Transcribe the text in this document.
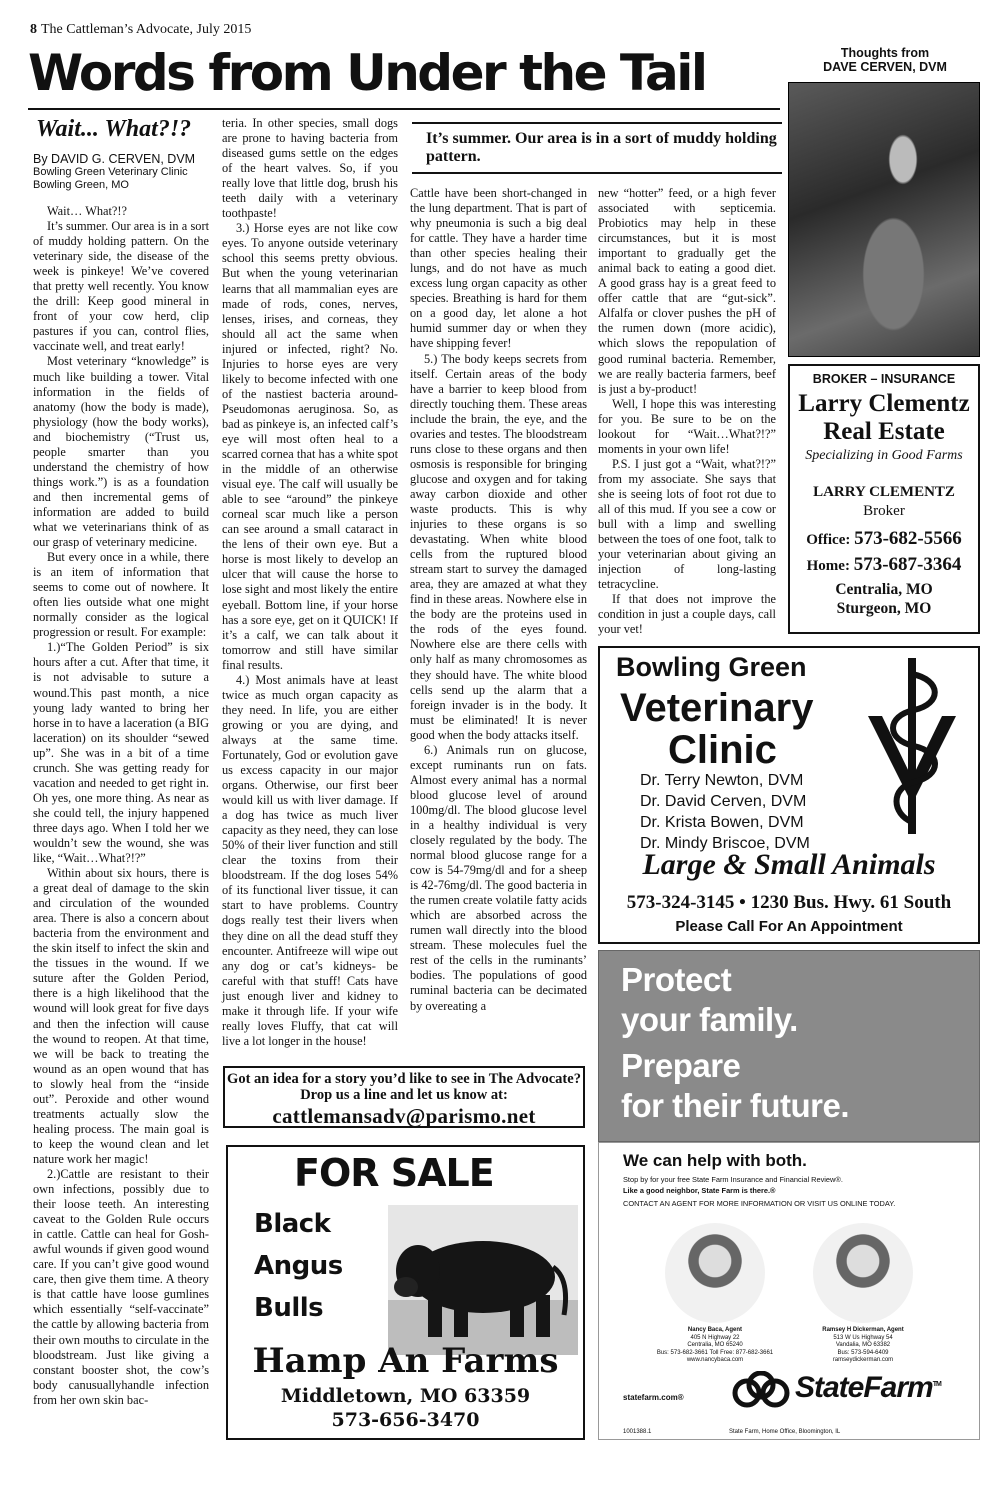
8 The Cattleman’s Advocate, July 2015
Words from Under the Tail	Thoughts from
DAVE CERVEN, DVM
Wait... What?!?
By DAVID G. CERVEN, DVM
Bowling Green Veterinary Clinic
Bowling Green, MO

Wait… What?!?

It’s summer. Our area is in a sort of muddy holding pattern. On the veterinary side, the disease of the week is pinkeye! We’ve covered that pretty well recently. You know the drill: Keep good mineral in front of your cow herd, clip pastures if you can, control flies, vaccinate well, and treat early!

Most veterinary “knowledge” is much like building a tower. Vital information in the fields of anatomy (how the body is made), physiology (how the body works), and biochemistry (“Trust us, people smarter than you understand the chemistry of how things work.”) is as a foundation and then incremental gems of information are added to build what we veterinarians think of as our grasp of veterinary medicine.

But every once in a while, there is an item of information that seems to come out of nowhere. It often lies outside what one might normally consider as the logical progression or result. For example:

1.)“The Golden Period” is six hours after a cut. After that time, it is not advisable to suture a wound.This past month, a nice young lady wanted to bring her horse in to have a laceration (a BIG laceration) on its shoulder “sewed up”. She was in a bit of a time crunch. She was getting ready for vacation and needed to get right in. Oh yes, one more thing. As near as she could tell, the injury happened three days ago. When I told her we wouldn’t sew the wound, she was like, “Wait…What?!?”

Within about six hours, there is a great deal of damage to the skin and circulation of the wounded area. There is also a concern about bacteria from the environment and the skin itself to infect the skin and the tissues in the wound. If we suture after the Golden Period, there is a high likelihood that the wound will look great for five days and then the infection will cause the wound to reopen. At that time, we will be back to treating the wound as an open wound that has to slowly heal from the “inside out”. Peroxide and other wound treatments actually slow the healing process. The main goal is to keep the wound clean and let nature work her magic!

2.)Cattle are resistant to their own infections, possibly due to their loose teeth. An interesting caveat to the Golden Rule occurs in cattle. Cattle can heal for Gosh-awful wounds if given good wound care. If you can’t give good wound care, then give them time. A theory is that cattle have loose gumlines which essentially “self-vaccinate” the cattle by allowing bacteria from their own mouths to circulate in the bloodstream. Just like giving a constant booster shot, the cow’s body canusuallyhandle infection from her own skin bac-

teria. In other species, small dogs are prone to having bacteria from diseased gums settle on the edges of the heart valves. So, if you really love that little dog, brush his teeth daily with a veterinary toothpaste!

3.) Horse eyes are not like cow eyes. To anyone outside veterinary school this seems pretty obvious. But when the young veterinarian learns that all mammalian eyes are made of rods, cones, nerves, lenses, irises, and corneas, they should all act the same when injured or infected, right? No. Injuries to horse eyes are very likely to become infected with one of the nastiest bacteria around- Pseudomonas aeruginosa. So, as bad as pinkeye is, an infected calf’s eye will most often heal to a scarred cornea that has a white spot in the middle of an otherwise visual eye. The calf will usually be able to see “around” the pinkeye corneal scar much like a person can see around a small cataract in the lens of their own eye. But a horse is most likely to develop an ulcer that will cause the horse to lose sight and most likely the entire eyeball. Bottom line, if your horse has a sore eye, get on it QUICK! If it’s a calf, we can talk about it tomorrow and still have similar final results.

4.) Most animals have at least twice as much organ capacity as they need. In life, you are either growing or you are dying, and always at the same time. Fortunately, God or evolution gave us excess capacity in our major organs. Otherwise, our first beer would kill us with liver damage. If a dog has twice as much liver capacity as they need, they can lose 50% of their liver function and still clear the toxins from their bloodstream. If the dog loses 54% of its functional liver tissue, it can start to have problems. Country dogs really test their livers when they dine on all the dead stuff they encounter. Antifreeze will wipe out any dog or cat’s kidneys- be careful with that stuff! Cats have just enough liver and kidney to make it through life. If your wife really loves Fluffy, that cat will live a lot longer in the house!

It’s summer. Our area is in a sort of muddy holding pattern.

Cattle have been short-changed in the lung department. That is part of why pneumonia is such a big deal for cattle. They have a harder time than other species healing their lungs, and do not have as much excess lung organ capacity as other species. Breathing is hard for them on a good day, let alone a hot humid summer day or when they have shipping fever!

5.) The body keeps secrets from itself. Certain areas of the body have a barrier to keep blood from directly touching them. These areas include the brain, the eye, and the ovaries and testes. The bloodstream runs close to these organs and then osmosis is responsible for bringing glucose and oxygen and for taking away carbon dioxide and other waste products. This is why injuries to these organs is so devastating. When white blood cells from the ruptured blood stream start to survey the damaged area, they are amazed at what they find in these areas. Nowhere else in the body are the proteins used in the rods of the eyes found. Nowhere else are there cells with only half as many chromosomes as they should have. The white blood cells send up the alarm that a foreign invader is in the body. It must be eliminated! It is never good when the body attacks itself.

6.) Animals run on glucose, except ruminants run on fats. Almost every animal has a normal blood glucose level of around 100mg/dl. The blood glucose level in a healthy individual is very closely regulated by the body. The normal blood glucose range for a cow is 54-79mg/dl and for a sheep is 42-76mg/dl. The good bacteria in the rumen create volatile fatty acids which are absorbed across the rumen wall directly into the blood stream. These molecules fuel the rest of the cells in the ruminants’ bodies. The populations of good ruminal bacteria can be decimated by overeating a

new “hotter” feed, or a high fever associated with septicemia. Probiotics may help in these circumstances, but it is most important to gradually get the animal back to eating a good diet. A good grass hay is a great feed to offer cattle that are “gut-sick”. Alfalfa or clover pushes the pH of the rumen down (more acidic), which slows the repopulation of good ruminal bacteria. Remember, we are really bacteria farmers, beef is just a by-product!

Well, I hope this was interesting for you. Be sure to be on the lookout for “Wait…What?!?” moments in your own life!

P.S. I just got a “Wait, what?!?” from my associate. She says that she is seeing lots of foot rot due to all of this mud. If you see a cow or bull with a limp and swelling between the toes of one foot, talk to your veterinarian about giving an injection of long-lasting tetracycline.

If that does not improve the condition in just a couple days, call your vet!

Got an idea for a story you’d like to see in The Advocate?
Drop us a line and let us know at:
cattlemansadv@parismo.net
FOR SALE
Black
Angus
Bulls
Hamp An Farms
Middletown, MO 63359
573-656-3470
BROKER – INSURANCE
Larry Clementz
Real Estate
Specializing in Good Farms
LARRY CLEMENTZ
Broker
Office: 573-682-5566
Home: 573-687-3364
Centralia, MO
Sturgeon, MO
Bowling Green
Veterinary
Clinic
Dr. Terry Newton, DVM
Dr. David Cerven, DVM
Dr. Krista Bowen, DVM
Dr. Mindy Briscoe, DVM
Large & Small Animals
573-324-3145 • 1230 Bus. Hwy. 61 South
Please Call For An Appointment
Protect
your family.
Prepare
for their future.
We can help with both.
Stop by for your free State Farm Insurance and Financial Review®.
Like a good neighbor, State Farm is there.®
CONTACT AN AGENT FOR MORE INFORMATION OR VISIT US ONLINE TODAY.
Nancy Baca, Agent
405 N Highway 22
Centralia, MO 65240
Bus: 573-682-3661 Toll Free: 877-682-3661
www.nancybaca.com
Ramsey H Dickerman, Agent
513 W Us Highway 54
Vandalia, MO 63382
Bus: 573-594-6409
ramseydickerman.com
statefarm.com®	StateFarm™
1001388.1	State Farm, Home Office, Bloomington, IL
